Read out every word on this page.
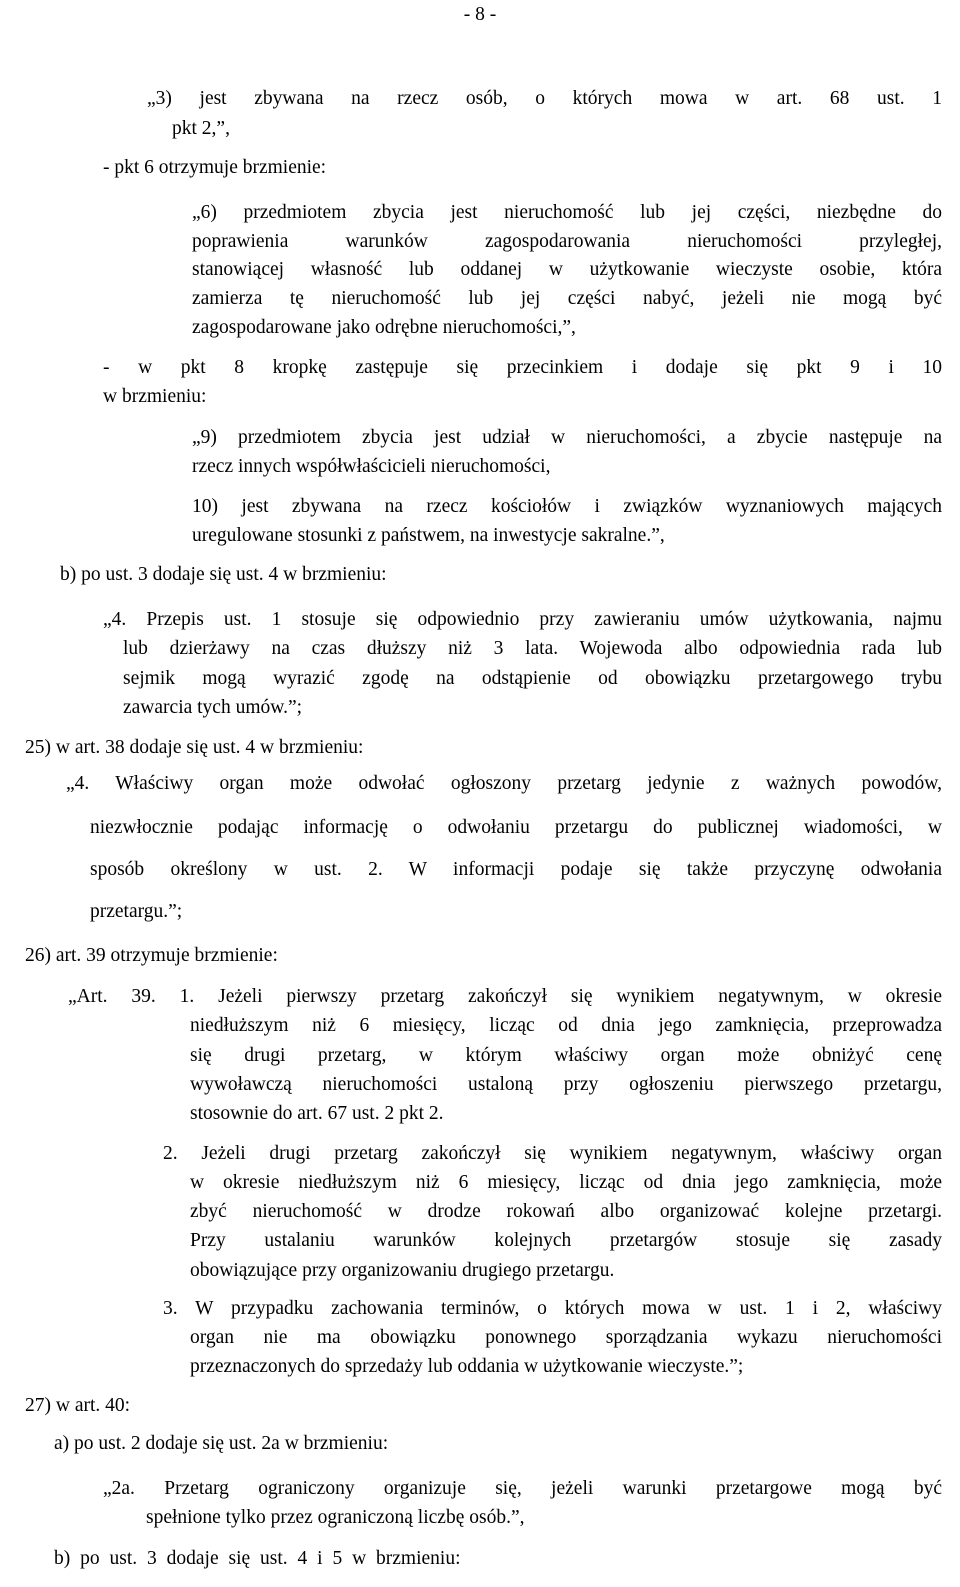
- 8 -

„3) jest zbywana na rzecz osób, o których mowa w art. 68 ust. 1

pkt 2,”,

- pkt 6 otrzymuje brzmienie:

„6) przedmiotem zbycia jest nieruchomość lub jej części, niezbędne do

poprawienia warunków zagospodarowania nieruchomości przyległej,

stanowiącej własność lub oddanej w użytkowanie wieczyste osobie, która

zamierza tę nieruchomość lub jej części nabyć, jeżeli nie mogą być

zagospodarowane jako odrębne nieruchomości,”,

- w pkt 8 kropkę zastępuje się przecinkiem i dodaje się pkt 9 i 10

w brzmieniu:

„9) przedmiotem zbycia jest udział w nieruchomości, a zbycie następuje na

rzecz innych współwłaścicieli nieruchomości,

10) jest zbywana na rzecz kościołów i związków wyznaniowych mających

uregulowane stosunki z państwem, na inwestycje sakralne.”,

b) po ust. 3 dodaje się ust. 4 w brzmieniu:

„4. Przepis ust. 1 stosuje się odpowiednio przy zawieraniu umów użytkowania, najmu

lub dzierżawy na czas dłuższy niż 3 lata. Wojewoda albo odpowiednia rada lub

sejmik mogą wyrazić zgodę na odstąpienie od obowiązku przetargowego trybu

zawarcia tych umów.”;

25) w art. 38 dodaje się ust. 4 w brzmieniu:

„4. Właściwy organ może odwołać ogłoszony przetarg jedynie z ważnych powodów,

niezwłocznie podając informację o odwołaniu przetargu do publicznej wiadomości, w

sposób określony w ust. 2. W informacji podaje się także przyczynę odwołania

przetargu.”;

26) art. 39 otrzymuje brzmienie:

„Art. 39. 1. Jeżeli pierwszy przetarg zakończył się wynikiem negatywnym, w okresie

niedłuższym niż 6 miesięcy, licząc od dnia jego zamknięcia, przeprowadza

się drugi przetarg, w którym właściwy organ może obniżyć cenę

wywoławczą nieruchomości ustaloną przy ogłoszeniu pierwszego przetargu,

stosownie do art. 67 ust. 2 pkt 2.

2. Jeżeli drugi przetarg zakończył się wynikiem negatywnym, właściwy organ

w okresie niedłuższym niż 6 miesięcy, licząc od dnia jego zamknięcia, może

zbyć nieruchomość w drodze rokowań albo organizować kolejne przetargi.

Przy ustalaniu warunków kolejnych przetargów stosuje się zasady

obowiązujące przy organizowaniu drugiego przetargu.

3. W przypadku zachowania terminów, o których mowa w ust. 1 i 2, właściwy

organ nie ma obowiązku ponownego sporządzania wykazu nieruchomości

przeznaczonych do sprzedaży lub oddania w użytkowanie wieczyste.”;

27) w art. 40:

a) po ust. 2 dodaje się ust. 2a w brzmieniu:

„2a. Przetarg ograniczony organizuje się, jeżeli warunki przetargowe mogą być

spełnione tylko przez ograniczoną liczbę osób.”,

b) po ust. 3 dodaje się ust. 4 i 5 w brzmieniu:
